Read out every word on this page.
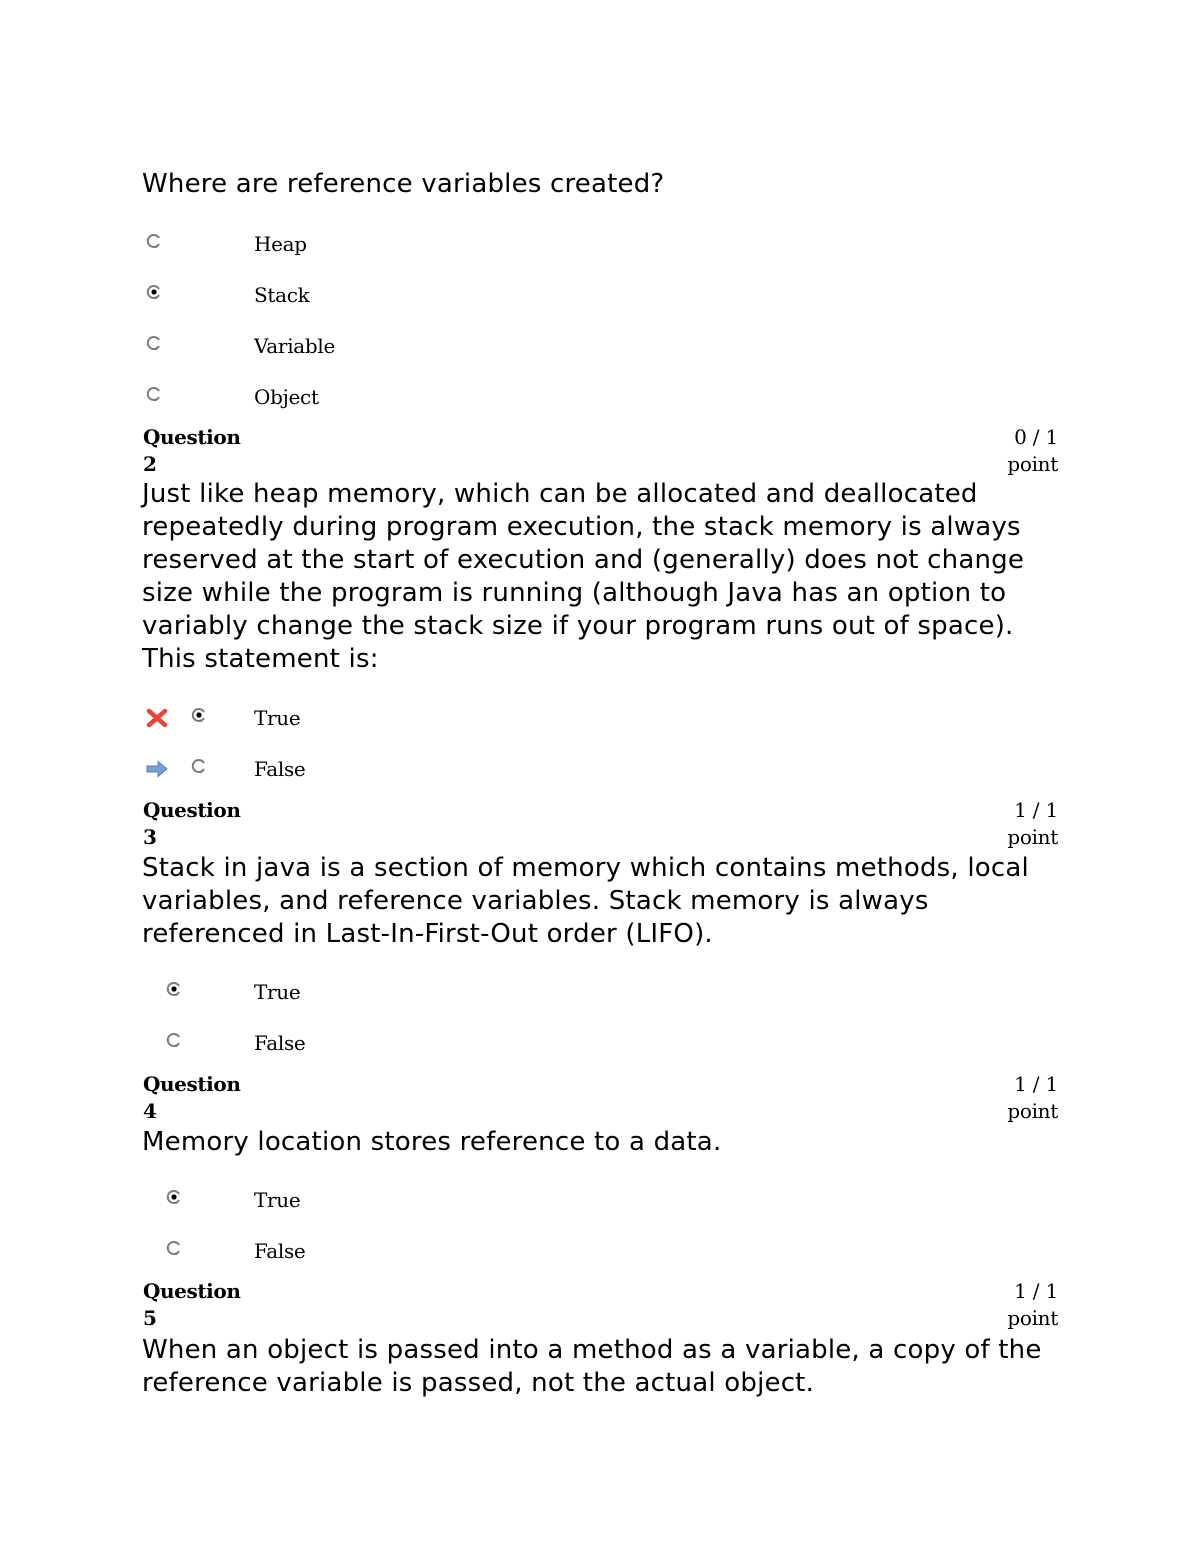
Where are reference variables created?
Heap
Stack
Variable
Object
Question
2
0 / 1
point
Just like heap memory, which can be allocated and deallocated repeatedly during program execution, the stack memory is always reserved at the start of execution and (generally) does not change size while the program is running (although Java has an option to variably change the stack size if your program runs out of space). This statement is:
True
False
Question
3
1 / 1
point
Stack in java is a section of memory which contains methods, local variables, and reference variables. Stack memory is always referenced in Last-In-First-Out order (LIFO).
True
False
Question
4
1 / 1
point
Memory location stores reference to a data.
True
False
Question
5
1 / 1
point
When an object is passed into a method as a variable, a copy of the reference variable is passed, not the actual object.
